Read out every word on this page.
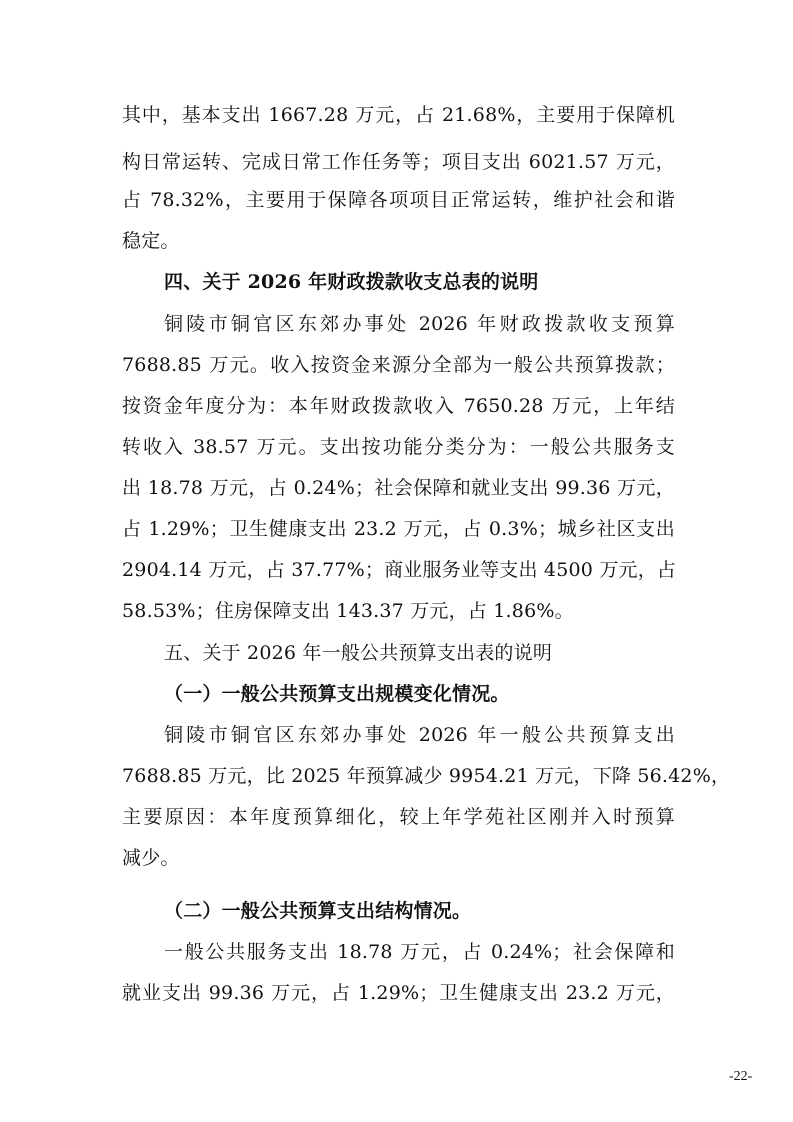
其中，基本支出 1667.28 万元，占 21.68%，主要用于保障机
构日常运转、完成日常工作任务等；项目支出 6021.57 万元，
占 78.32%，主要用于保障各项项目正常运转，维护社会和谐
稳定。
四、关于 2026 年财政拨款收支总表的说明
铜陵市铜官区东郊办事处 2026 年财政拨款收支预算
7688.85 万元。收入按资金来源分全部为一般公共预算拨款；
按资金年度分为：本年财政拨款收入 7650.28 万元，上年结
转收入 38.57 万元。支出按功能分类分为：一般公共服务支
出 18.78 万元，占 0.24%；社会保障和就业支出 99.36 万元，
占 1.29%；卫生健康支出 23.2 万元，占 0.3%；城乡社区支出
2904.14 万元，占 37.77%；商业服务业等支出 4500 万元，占
58.53%；住房保障支出 143.37 万元，占 1.86%。
五、关于 2026 年一般公共预算支出表的说明
（一）一般公共预算支出规模变化情况。
铜陵市铜官区东郊办事处 2026 年一般公共预算支出
7688.85 万元，比 2025 年预算减少 9954.21 万元，下降 56.42%，
主要原因：本年度预算细化，较上年学苑社区刚并入时预算
减少。
（二）一般公共预算支出结构情况。
一般公共服务支出 18.78 万元，占 0.24%；社会保障和
就业支出 99.36 万元，占 1.29%；卫生健康支出 23.2 万元，
-22-
